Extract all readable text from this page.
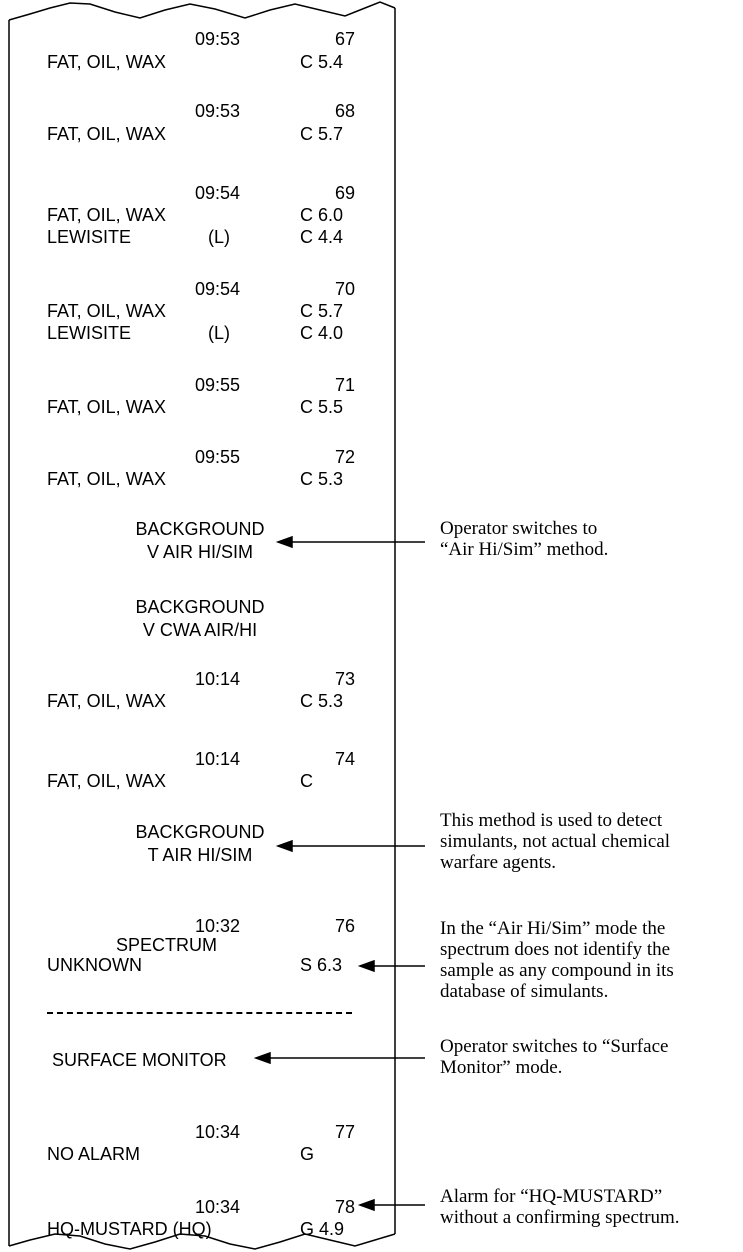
09:53	67
FAT, OIL, WAX	C 5.4
09:53	68
FAT, OIL, WAX	C 5.7
09:54	69
FAT, OIL, WAX	C 6.0
LEWISITE	(L)	C 4.4
09:54	70
FAT, OIL, WAX	C 5.7
LEWISITE	(L)	C 4.0
09:55	71
FAT, OIL, WAX	C 5.5
09:55	72
FAT, OIL, WAX	C 5.3
BACKGROUND
V AIR HI/SIM
BACKGROUND
V CWA AIR/HI
10:14	73
FAT, OIL, WAX	C 5.3
10:14	74
FAT, OIL, WAX	C
BACKGROUND
T AIR HI/SIM
10:32	76
SPECTRUM
UNKNOWN	S 6.3
SURFACE MONITOR
10:34	77
NO ALARM	G
10:34	78
HQ-MUSTARD (HQ)	G 4.9
Operator switches to
“Air Hi/Sim” method.
This method is used to detect
simulants, not actual chemical
warfare agents.
In the “Air Hi/Sim” mode the
spectrum does not identify the
sample as any compound in its
database of simulants.
Operator switches to “Surface
Monitor” mode.
Alarm for “HQ-MUSTARD”
without a confirming spectrum.
